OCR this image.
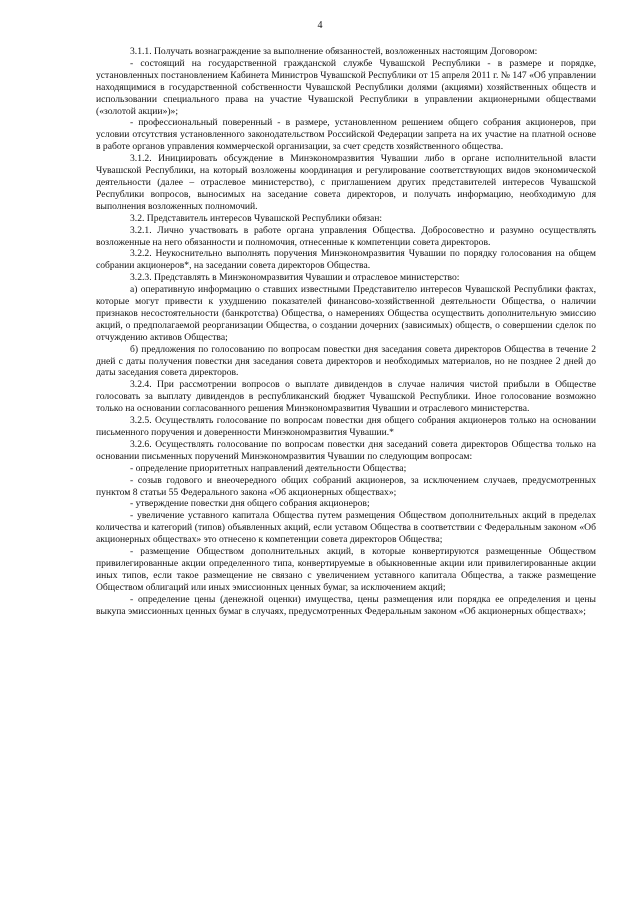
4

3.1.1. Получать вознаграждение за выполнение обязанностей, возложенных настоящим Договором:

- состоящий на государственной гражданской службе Чувашской Республики - в размере и порядке, установленных постановлением Кабинета Министров Чувашской Республики от 15 апреля 2011 г. № 147 «Об управлении находящимися в государственной собственности Чувашской Республики долями (акциями) хозяйственных обществ и использовании специального права на участие Чувашской Республики в управлении акционерными обществами («золотой акции»)»;

- профессиональный поверенный - в размере, установленном решением общего собрания акционеров, при условии отсутствия установленного законодательством Российской Федерации запрета на их участие на платной основе в работе органов управления коммерческой организации, за счет средств хозяйственного общества.

3.1.2. Инициировать обсуждение в Минэкономразвития Чувашии либо в органе исполнительной власти Чувашской Республики, на который возложены координация и регулирование соответствующих видов экономической деятельности (далее – отраслевое министерство), с приглашением других представителей интересов Чувашской Республики вопросов, выносимых на заседание совета директоров, и получать информацию, необходимую для выполнения возложенных полномочий.

3.2. Представитель интересов Чувашской Республики обязан:

3.2.1. Лично участвовать в работе органа управления Общества. Добросовестно и разумно осуществлять возложенные на него обязанности и полномочия, отнесенные к компетенции совета директоров.

3.2.2. Неукоснительно выполнять поручения Минэкономразвития Чувашии по порядку голосования на общем собрании акционеров*, на заседании совета директоров Общества.

3.2.3. Представлять в Минэкономразвития Чувашии и отраслевое министерство:

а) оперативную информацию о ставших известными Представителю интересов Чувашской Республики фактах, которые могут привести к ухудшению показателей финансово-хозяйственной деятельности Общества, о наличии признаков несостоятельности (банкротства) Общества, о намерениях Общества осуществить дополнительную эмиссию акций, о предполагаемой реорганизации Общества, о создании дочерних (зависимых) обществ, о совершении сделок по отчуждению активов Общества;

б) предложения по голосованию по вопросам повестки дня заседания совета директоров Общества в течение 2 дней с даты получения повестки дня заседания совета директоров и необходимых материалов, но не позднее 2 дней до даты заседания совета директоров.

3.2.4. При рассмотрении вопросов о выплате дивидендов в случае наличия чистой прибыли в Обществе голосовать за выплату дивидендов в республиканский бюджет Чувашской Республики. Иное голосование возможно только на основании согласованного решения Минэкономразвития Чувашии и отраслевого министерства.

3.2.5. Осуществлять голосование по вопросам повестки дня общего собрания акционеров только на основании письменного поручения и доверенности Минэкономразвития Чувашии.*

3.2.6. Осуществлять голосование по вопросам повестки дня заседаний совета директоров Общества только на основании письменных поручений Минэкономразвития Чувашии по следующим вопросам:

- определение приоритетных направлений деятельности Общества;

- созыв годового и внеочередного общих собраний акционеров, за исключением случаев, предусмотренных пунктом 8 статьи 55 Федерального закона «Об акционерных обществах»;

- утверждение повестки дня общего собрания акционеров;

- увеличение уставного капитала Общества путем размещения Обществом дополнительных акций в пределах количества и категорий (типов) объявленных акций, если уставом Общества в соответствии с Федеральным законом «Об акционерных обществах» это отнесено к компетенции совета директоров Общества;

- размещение Обществом дополнительных акций, в которые конвертируются размещенные Обществом привилегированные акции определенного типа, конвертируемые в обыкновенные акции или привилегированные акции иных типов, если такое размещение не связано с увеличением уставного капитала Общества, а также размещение Обществом облигаций или иных эмиссионных ценных бумаг, за исключением акций;

- определение цены (денежной оценки) имущества, цены размещения или порядка ее определения и цены выкупа эмиссионных ценных бумаг в случаях, предусмотренных Федеральным законом «Об акционерных обществах»;
